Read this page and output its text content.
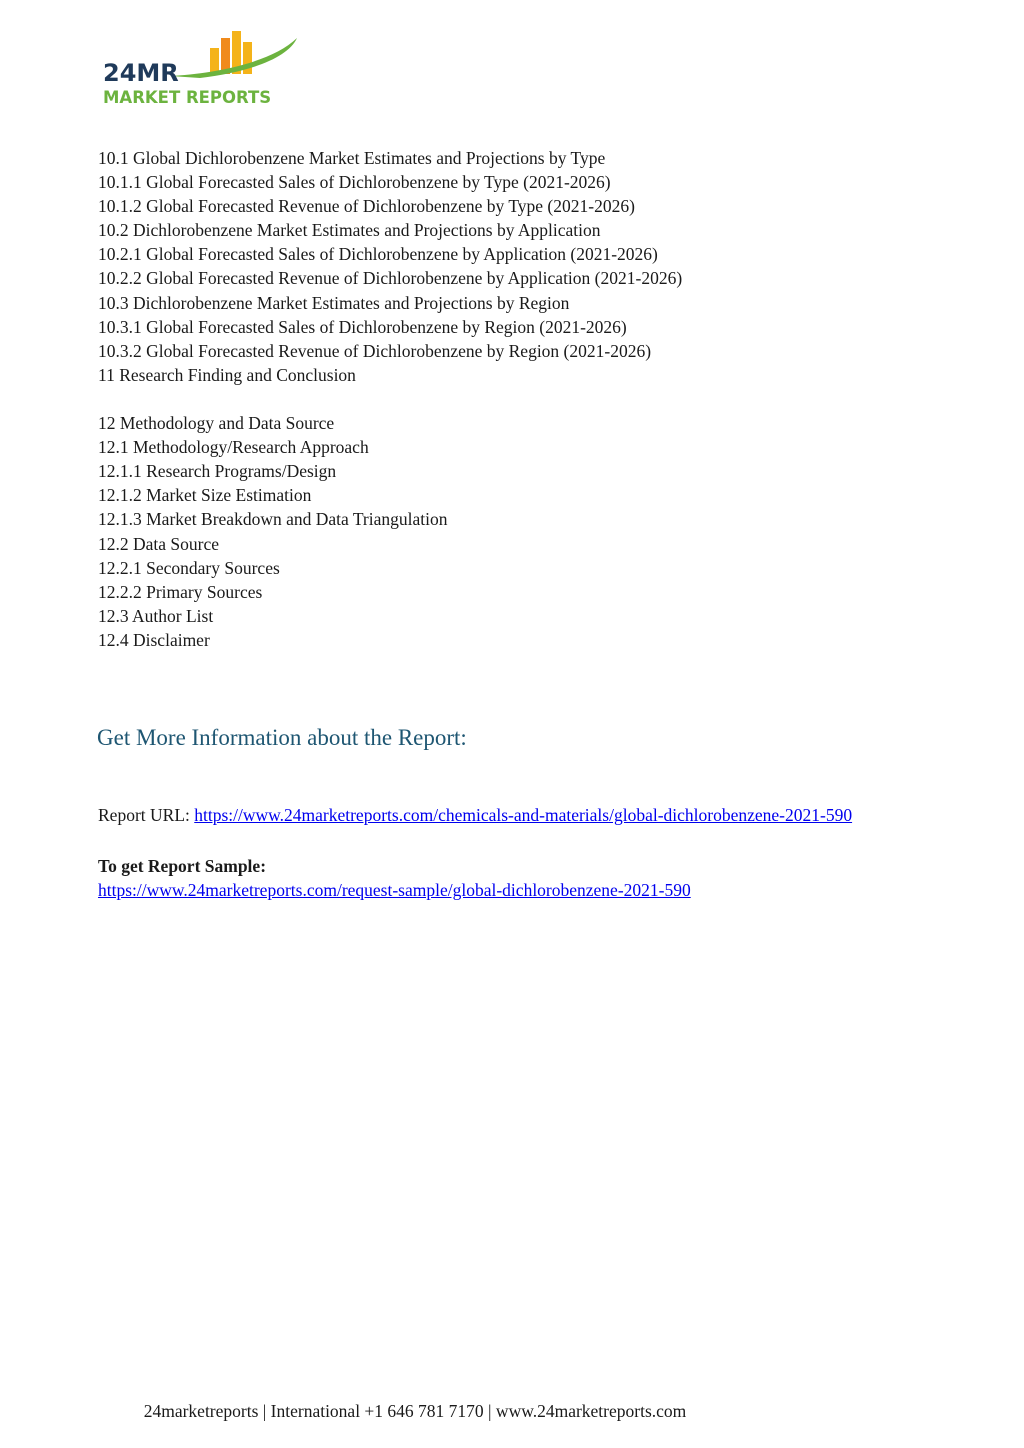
24MR
MARKET REPORTS
10.1 Global Dichlorobenzene Market Estimates and Projections by Type
10.1.1 Global Forecasted Sales of Dichlorobenzene by Type (2021-2026)
10.1.2 Global Forecasted Revenue of Dichlorobenzene by Type (2021-2026)
10.2 Dichlorobenzene Market Estimates and Projections by Application
10.2.1 Global Forecasted Sales of Dichlorobenzene by Application (2021-2026)
10.2.2 Global Forecasted Revenue of Dichlorobenzene by Application (2021-2026)
10.3 Dichlorobenzene Market Estimates and Projections by Region
10.3.1 Global Forecasted Sales of Dichlorobenzene by Region (2021-2026)
10.3.2 Global Forecasted Revenue of Dichlorobenzene by Region (2021-2026)
11 Research Finding and Conclusion
12 Methodology and Data Source
12.1 Methodology/Research Approach
12.1.1 Research Programs/Design
12.1.2 Market Size Estimation
12.1.3 Market Breakdown and Data Triangulation
12.2 Data Source
12.2.1 Secondary Sources
12.2.2 Primary Sources
12.3 Author List
12.4 Disclaimer
Get More Information about the Report:
Report URL: https://www.24marketreports.com/chemicals-and-materials/global-dichlorobenzene-2021-590
To get Report Sample:
https://www.24marketreports.com/request-sample/global-dichlorobenzene-2021-590
24marketreports | International +1 646 781 7170 | www.24marketreports.com
